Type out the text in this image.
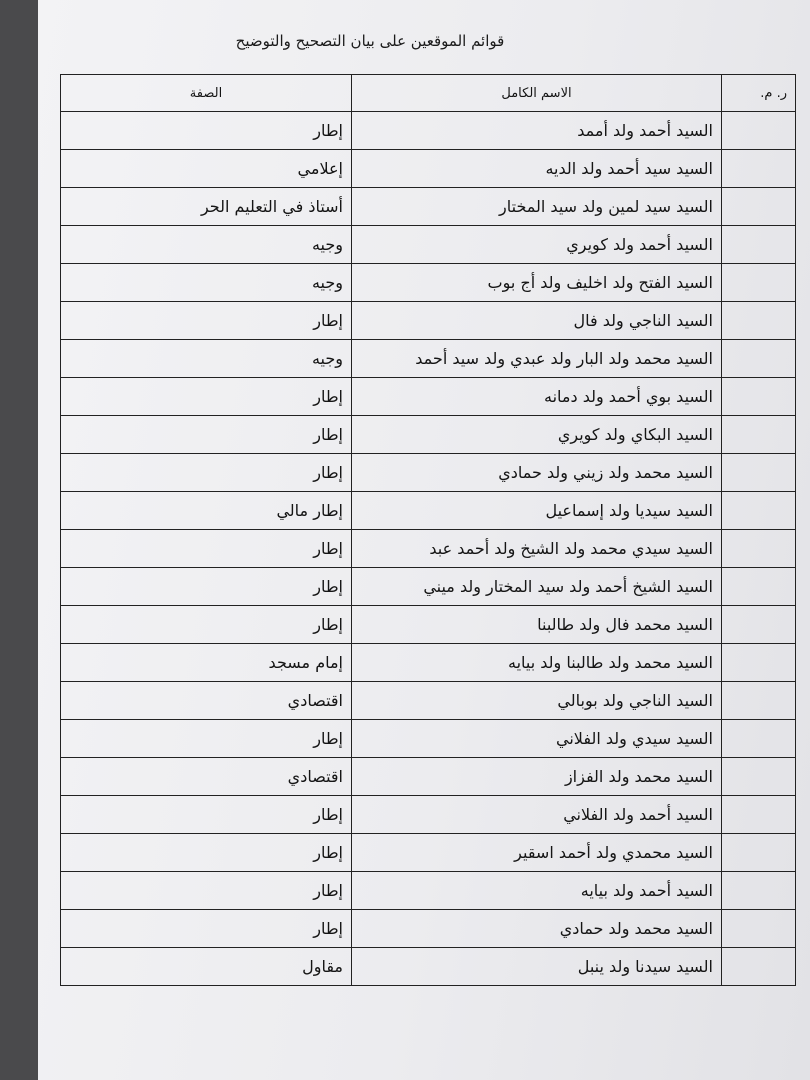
قوائم الموقعين على بيان التصحيح والتوضيح
ر. م.	الاسم الكامل	الصفة
	السيد أحمد ولد أممد	إطار
	السيد سيد أحمد ولد الديه	إعلامي
	السيد سيد لمين ولد سيد المختار	أستاذ في التعليم الحر
	السيد أحمد ولد كويري	وجيه
	السيد الفتح ولد اخليف ولد أج بوب	وجيه
	السيد الناجي ولد فال	إطار
	السيد محمد ولد البار ولد عبدي ولد سيد أحمد	وجيه
	السيد بوي أحمد ولد دمانه	إطار
	السيد البكاي ولد كويري	إطار
	السيد محمد ولد زيني ولد حمادي	إطار
	السيد سيديا ولد إسماعيل	إطار مالي
	السيد سيدي محمد ولد الشيخ ولد أحمد عبد	إطار
	السيد الشيخ أحمد ولد سيد المختار ولد ميني	إطار
	السيد محمد فال ولد طالبنا	إطار
	السيد محمد ولد طالبنا ولد بيايه	إمام مسجد
	السيد الناجي ولد بوبالي	اقتصادي
	السيد سيدي ولد الفلاني	إطار
	السيد محمد ولد الفزاز	اقتصادي
	السيد أحمد ولد الفلاني	إطار
	السيد محمدي ولد أحمد اسقير	إطار
	السيد أحمد ولد بيايه	إطار
	السيد محمد ولد حمادي	إطار
	السيد سيدنا ولد ينبل	مقاول
